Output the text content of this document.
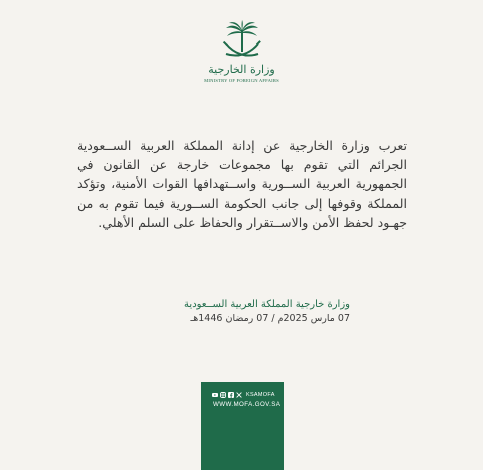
وزارة الخارجية
MINISTRY OF FOREIGN AFFAIRS
تعرب وزارة الخارجية عن إدانة المملكة العربية الســعودية الجرائم التي تقوم بها مجموعات خارجة عن القانون في الجمهورية العربية الســورية واســتهدافها القوات الأمنية، وتؤكد المملكة وقوفها إلى جانب الحكومة الســورية فيما تقوم به من جهـود لحفظ الأمن والاســتقرار والحفاظ على السلم الأهلي.
وزارة خارجية المملكة العربية الســعودية
07 مارس 2025م / 07 رمضان 1446هـ
KSAMOFA
WWW.MOFA.GOV.SA
